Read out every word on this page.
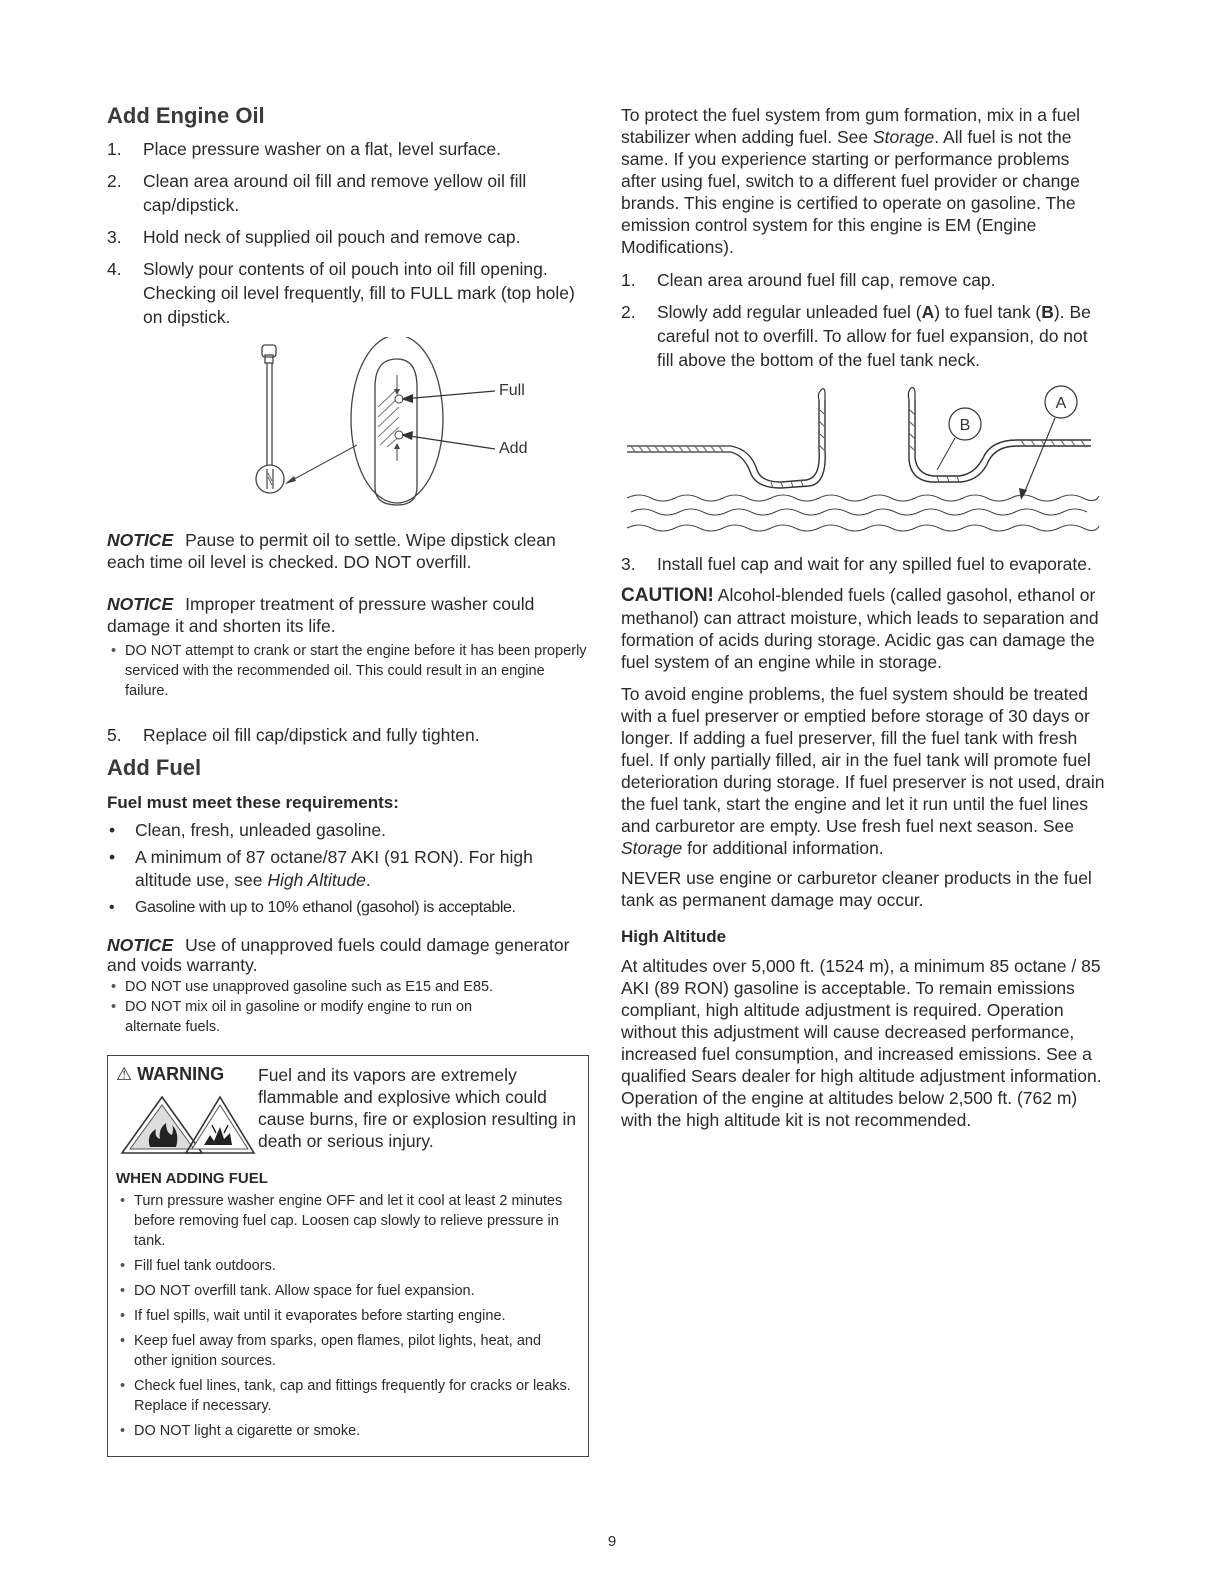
Add Engine Oil
1. Place pressure washer on a flat, level surface.
2. Clean area around oil fill and remove yellow oil fill cap/dipstick.
3. Hold neck of supplied oil pouch and remove cap.
4. Slowly pour contents of oil pouch into oil fill opening. Checking oil level frequently, fill to FULL mark (top hole) on dipstick.
Full
Add

NOTICE Pause to permit oil to settle. Wipe dipstick clean each time oil level is checked. DO NOT overfill.

NOTICE Improper treatment of pressure washer could damage it and shorten its life.

• DO NOT attempt to crank or start the engine before it has been properly serviced with the recommended oil. This could result in an engine failure.
5. Replace oil fill cap/dipstick and fully tighten.
Add Fuel

Fuel must meet these requirements:

• Clean, fresh, unleaded gasoline.
• A minimum of 87 octane/87 AKI (91 RON). For high altitude use, see High Altitude.
• Gasoline with up to 10% ethanol (gasohol) is acceptable.

NOTICE Use of unapproved fuels could damage generator and voids warranty.

• DO NOT use unapproved gasoline such as E15 and E85.
• DO NOT mix oil in gasoline or modify engine to run on alternate fuels.
⚠ WARNING	Fuel and its vapors are extremely flammable and explosive which could cause burns, fire or explosion resulting in death or serious injury.

WHEN ADDING FUEL

• Turn pressure washer engine OFF and let it cool at least 2 minutes before removing fuel cap. Loosen cap slowly to relieve pressure in tank.
• Fill fuel tank outdoors.
• DO NOT overfill tank. Allow space for fuel expansion.
• If fuel spills, wait until it evaporates before starting engine.
• Keep fuel away from sparks, open flames, pilot lights, heat, and other ignition sources.
• Check fuel lines, tank, cap and fittings frequently for cracks or leaks. Replace if necessary.
• DO NOT light a cigarette or smoke.

To protect the fuel system from gum formation, mix in a fuel stabilizer when adding fuel. See Storage. All fuel is not the same. If you experience starting or performance problems after using fuel, switch to a different fuel provider or change brands. This engine is certified to operate on gasoline. The emission control system for this engine is EM (Engine Modifications).

1. Clean area around fuel fill cap, remove cap.
2. Slowly add regular unleaded fuel (A) to fuel tank (B). Be careful not to overfill. To allow for fuel expansion, do not fill above the bottom of the fuel tank neck.
B
A
3. Install fuel cap and wait for any spilled fuel to evaporate.

CAUTION! Alcohol-blended fuels (called gasohol, ethanol or methanol) can attract moisture, which leads to separation and formation of acids during storage. Acidic gas can damage the fuel system of an engine while in storage.

To avoid engine problems, the fuel system should be treated with a fuel preserver or emptied before storage of 30 days or longer. If adding a fuel preserver, fill the fuel tank with fresh fuel. If only partially filled, air in the fuel tank will promote fuel deterioration during storage. If fuel preserver is not used, drain the fuel tank, start the engine and let it run until the fuel lines and carburetor are empty. Use fresh fuel next season. See Storage for additional information.

NEVER use engine or carburetor cleaner products in the fuel tank as permanent damage may occur.

High Altitude

At altitudes over 5,000 ft. (1524 m), a minimum 85 octane / 85 AKI (89 RON) gasoline is acceptable. To remain emissions compliant, high altitude adjustment is required. Operation without this adjustment will cause decreased performance, increased fuel consumption, and increased emissions. See a qualified Sears dealer for high altitude adjustment information. Operation of the engine at altitudes below 2,500 ft. (762 m) with the high altitude kit is not recommended.

9
